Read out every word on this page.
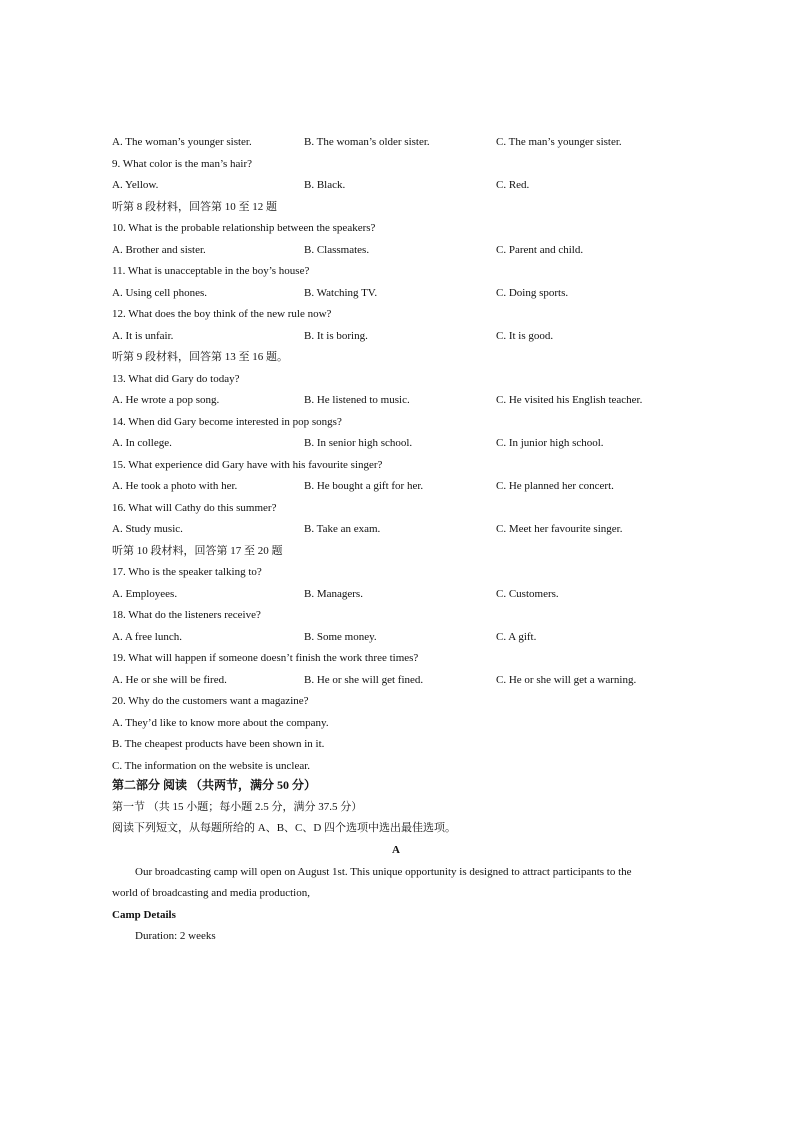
A. The woman’s younger sister.	B. The woman’s older sister.	C. The man’s younger sister.
9. What color is the man’s hair?
A. Yellow.	B. Black.	C. Red.
听第 8 段材料，回答第 10 至 12 题
10. What is the probable relationship between the speakers?
A. Brother and sister.	B. Classmates.	C. Parent and child.
11. What is unacceptable in the boy’s house?
A. Using cell phones.	B. Watching TV.	C. Doing sports.
12. What does the boy think of the new rule now?
A. It is unfair.	B. It is boring.	C. It is good.
听第 9 段材料，回答第 13 至 16 题。
13. What did Gary do today?
A. He wrote a pop song.	B. He listened to music.	C. He visited his English teacher.
14. When did Gary become interested in pop songs?
A. In college.	B. In senior high school.	C. In junior high school.
15. What experience did Gary have with his favourite singer?
A. He took a photo with her.	B. He bought a gift for her.	C. He planned her concert.
16. What will Cathy do this summer?
A. Study music.	B. Take an exam.	C. Meet her favourite singer.
听第 10 段材料，回答第 17 至 20 题
17. Who is the speaker talking to?
A. Employees.	B. Managers.	C. Customers.
18. What do the listeners receive?
A. A free lunch.	B. Some money.	C. A gift.
19. What will happen if someone doesn’t finish the work three times?
A. He or she will be fired.	B. He or she will get fined.	C. He or she will get a warning.
20. Why do the customers want a magazine?
A. They’d like to know more about the company.
B. The cheapest products have been shown in it.
C. The information on the website is unclear.
第二部分 阅读 （共两节，满分 50 分）
第一节 （共 15 小题；每小题 2.5 分，满分 37.5 分）
阅读下列短文，从每题所给的 A、B、C、D 四个选项中选出最佳选项。
A
Our broadcasting camp will open on August 1st. This unique opportunity is designed to attract participants to the
world of broadcasting and media production,
Camp Details
Duration: 2 weeks
